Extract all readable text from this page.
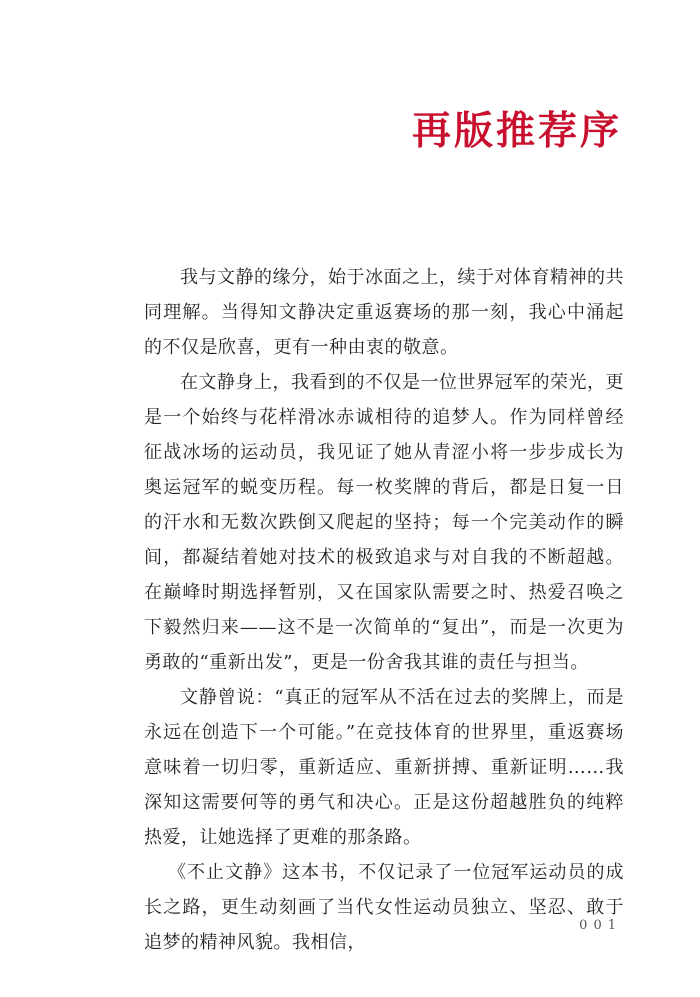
再版推荐序

我与文静的缘分，始于冰面之上，续于对体育精神的共同理解。当得知文静决定重返赛场的那一刻，我心中涌起的不仅是欣喜，更有一种由衷的敬意。

在文静身上，我看到的不仅是一位世界冠军的荣光，更是一个始终与花样滑冰赤诚相待的追梦人。作为同样曾经征战冰场的运动员，我见证了她从青涩小将一步步成长为奥运冠军的蜕变历程。每一枚奖牌的背后，都是日复一日的汗水和无数次跌倒又爬起的坚持；每一个完美动作的瞬间，都凝结着她对技术的极致追求与对自我的不断超越。在巅峰时期选择暂别，又在国家队需要之时、热爱召唤之下毅然归来——这不是一次简单的“复出”，而是一次更为勇敢的“重新出发”，更是一份舍我其谁的责任与担当。

文静曾说：“真正的冠军从不活在过去的奖牌上，而是永远在创造下一个可能。”在竞技体育的世界里，重返赛场意味着一切归零，重新适应、重新拼搏、重新证明……我深知这需要何等的勇气和决心。正是这份超越胜负的纯粹热爱，让她选择了更难的那条路。

《不止文静》这本书，不仅记录了一位冠军运动员的成长之路，更生动刻画了当代女性运动员独立、坚忍、敢于追梦的精神风貌。我相信，

001
